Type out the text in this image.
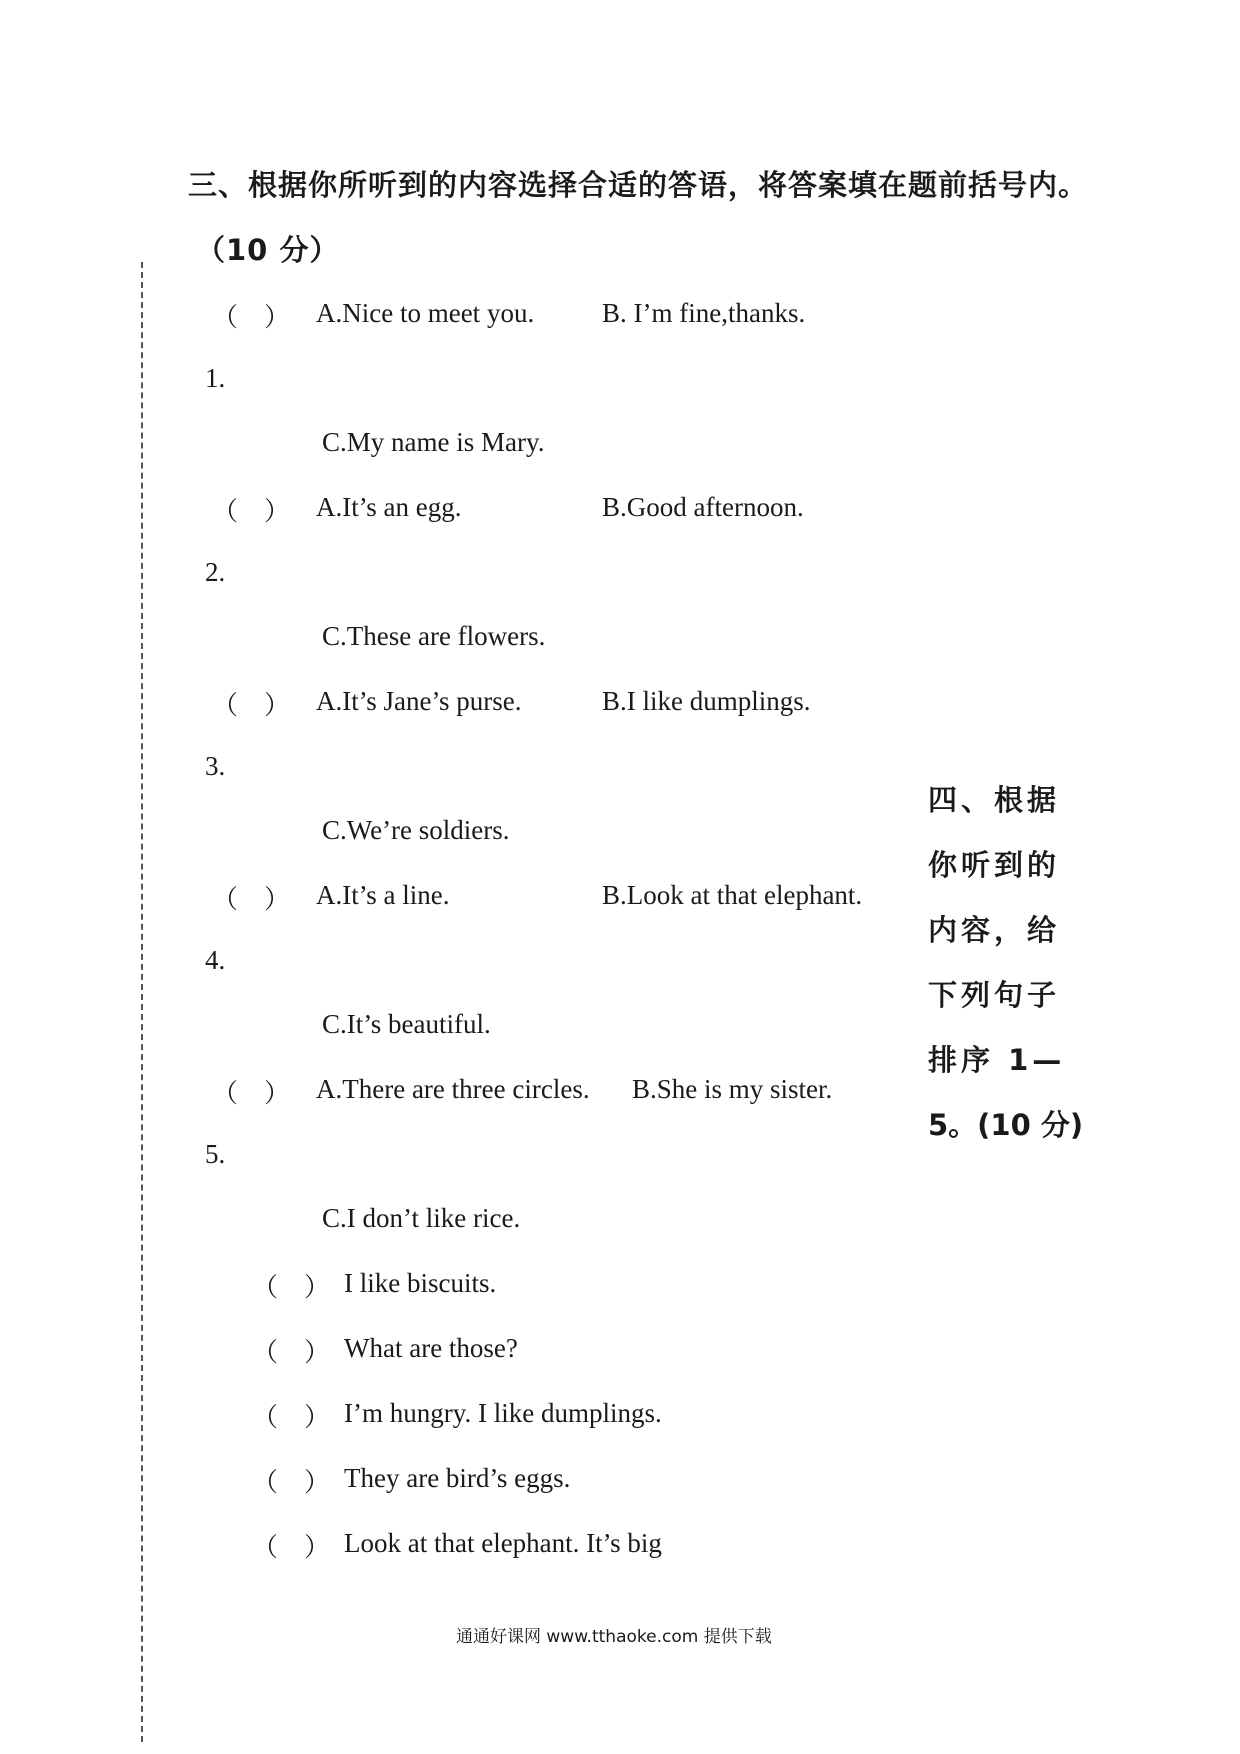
三、根据你所听到的内容选择合适的答语，将答案填在题前括号内。
（10 分）
（　） A.Nice to meet you.	B. I’m fine,thanks.
1.
C.My name is Mary.
（　） A.It’s an egg.	B.Good afternoon.
2.
C.These are flowers.
（　） A.It’s Jane’s purse.	B.I like dumplings.
3.
C.We’re soldiers.
（　） A.It’s a line.	B.Look at that elephant.
4.
C.It’s beautiful.
（　） A.There are three circles. B.She is my sister.
5.
C.I don’t like rice.
四、根据
你听到的
内容，给
下列句子
排序 1—
5。(10 分)
（　） I like biscuits.
（　） What are those?
（　） I’m hungry. I like dumplings.
（　） They are bird’s eggs.
（　） Look at that elephant. It’s big
通通好课网 www.tthaoke.com 提供下载
